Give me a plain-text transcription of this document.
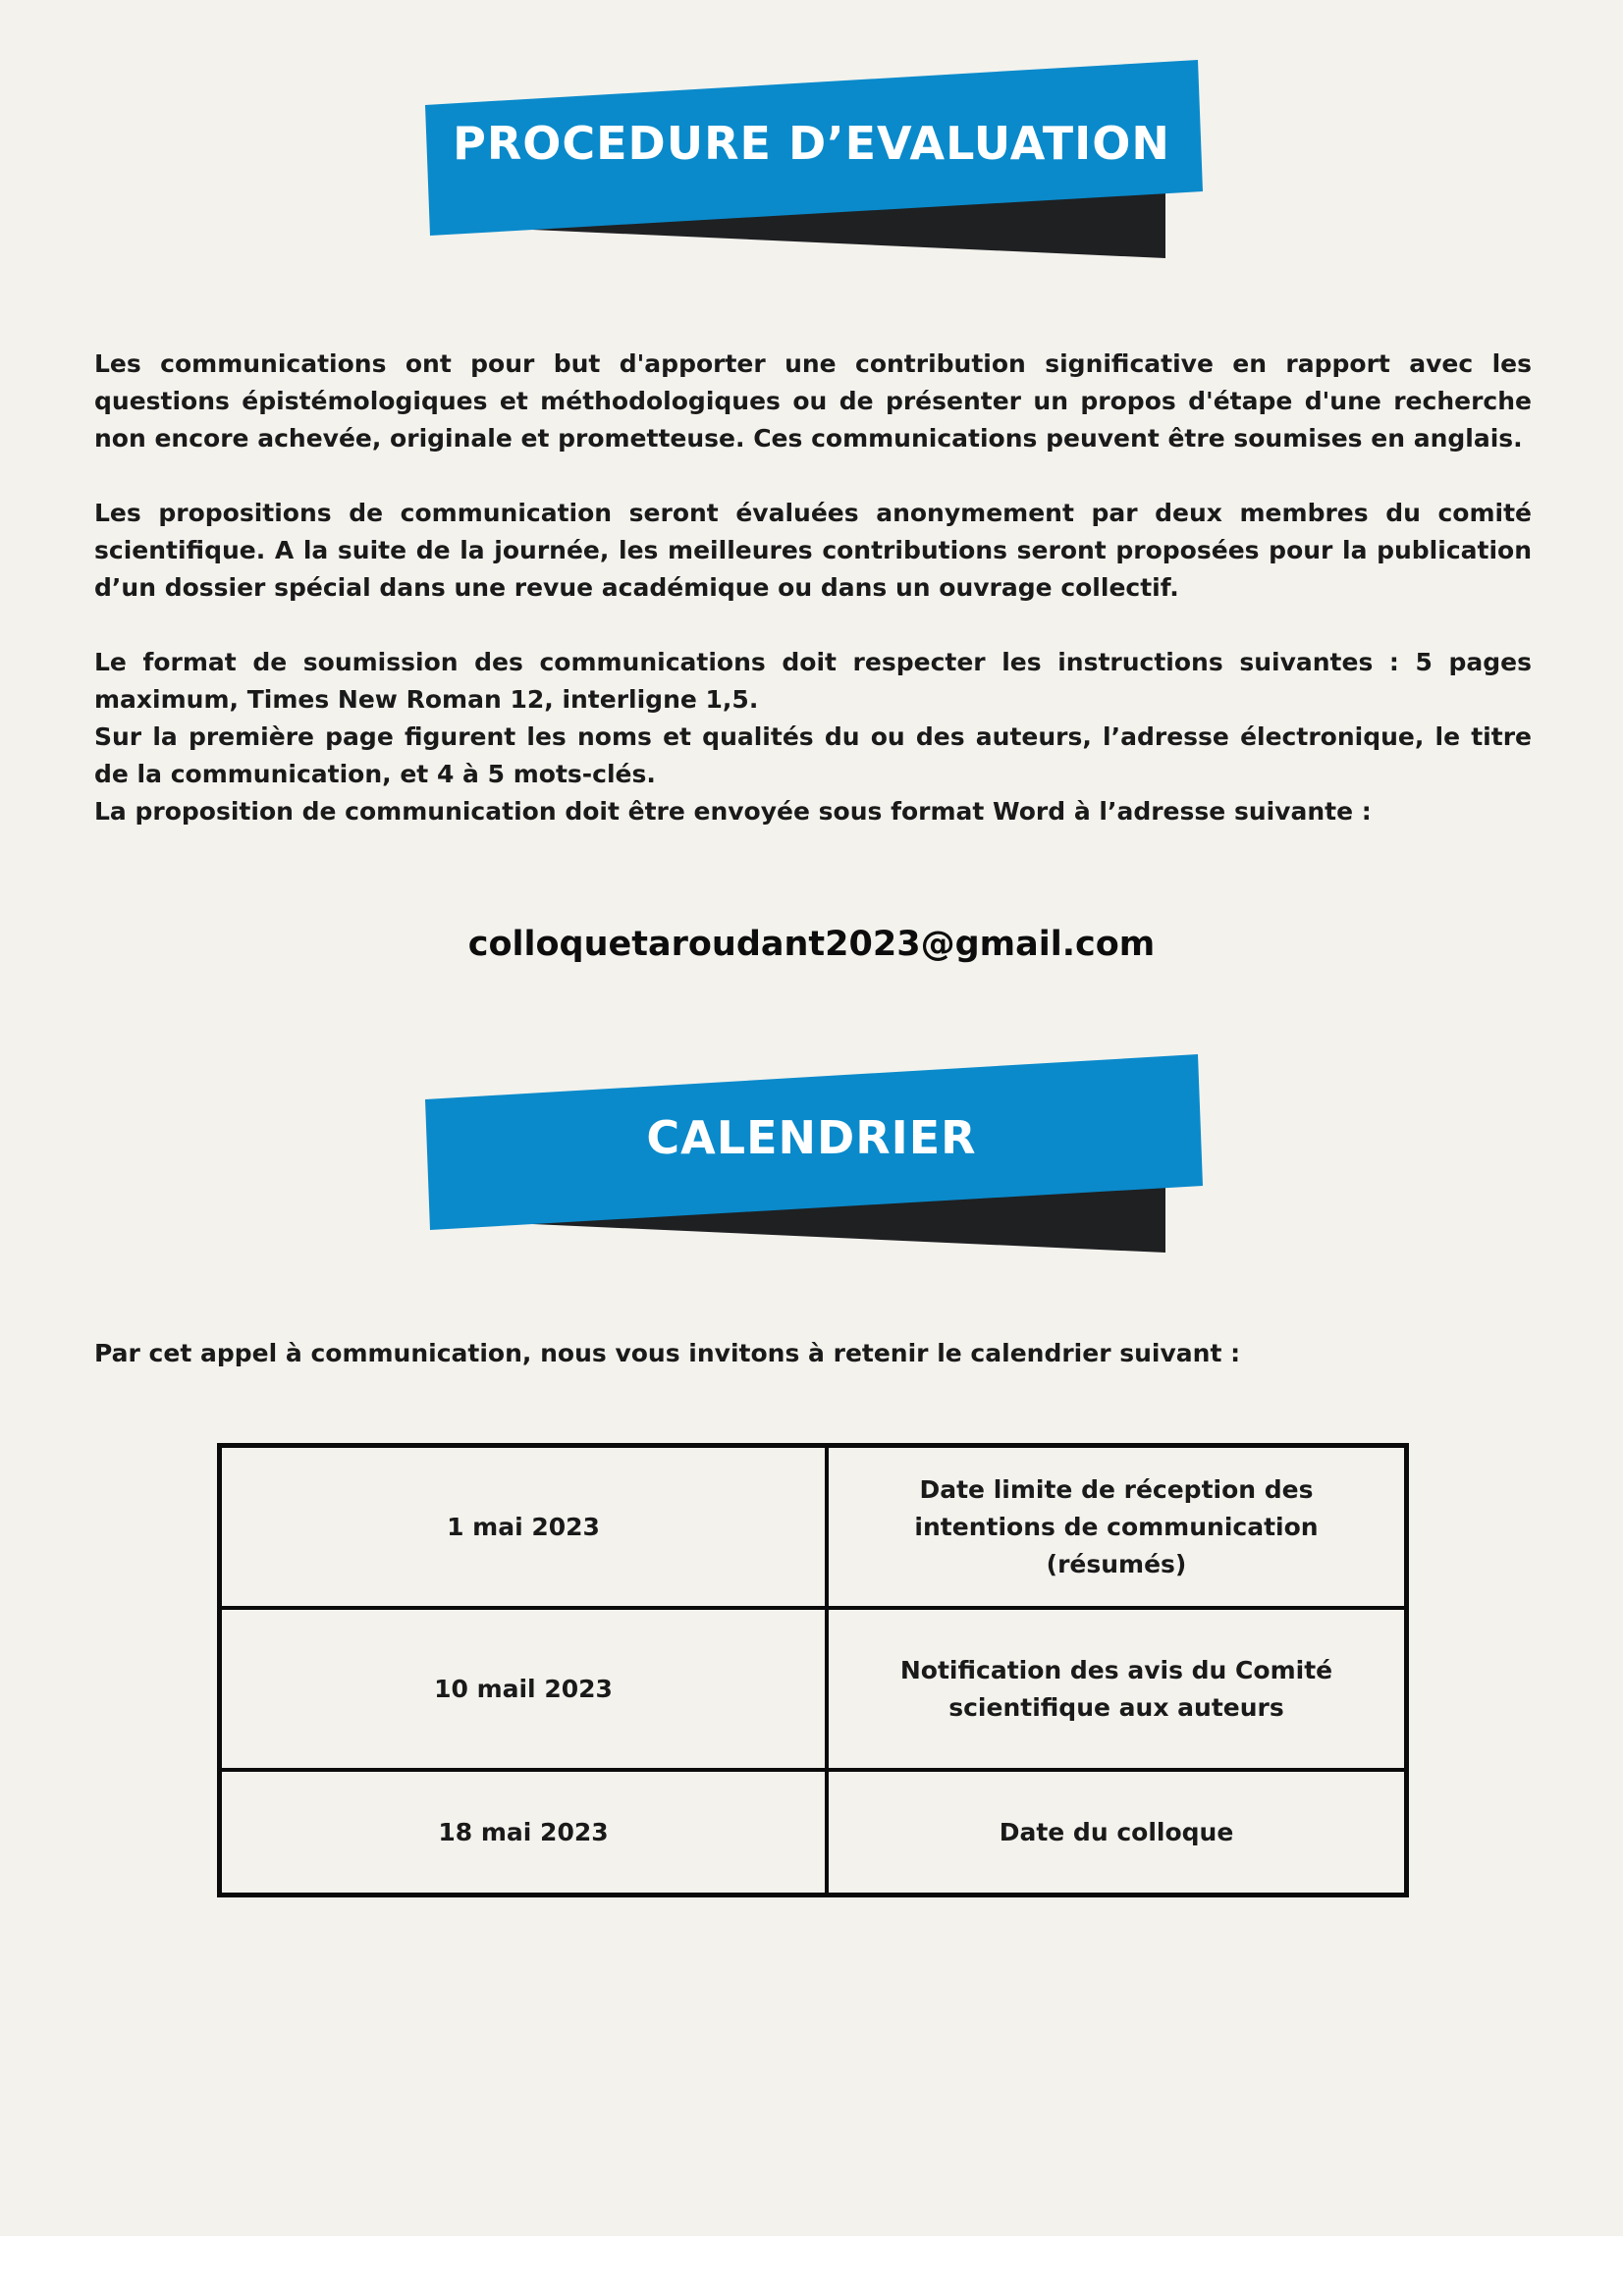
PROCEDURE D’EVALUATION

Les communications ont pour but d'apporter une contribution significative en rapport avec les questions épistémologiques et méthodologiques ou de présenter un propos d'étape d'une recherche non encore achevée, originale et prometteuse. Ces communications peuvent être soumises en anglais.

Les propositions de communication seront évaluées anonymement par deux membres du comité scientifique. A la suite de la journée, les meilleures contributions seront proposées pour la publication d’un dossier spécial dans une revue académique ou dans un ouvrage collectif.

Le format de soumission des communications doit respecter les instructions suivantes : 5 pages maximum, Times New Roman 12, interligne 1,5.

Sur la première page figurent les noms et qualités du ou des auteurs, l’adresse électronique, le titre de la communication, et 4 à 5 mots-clés.

La proposition de communication doit être envoyée sous format Word à l’adresse suivante :

colloquetaroudant2023@gmail.com
CALENDRIER
Par cet appel à communication, nous vous invitons à retenir le calendrier suivant :
1 mai 2023	Date limite de réception des intentions de communication (résumés)
10 mail 2023	Notification des avis du Comité scientifique aux auteurs
18 mai 2023	Date du colloque
